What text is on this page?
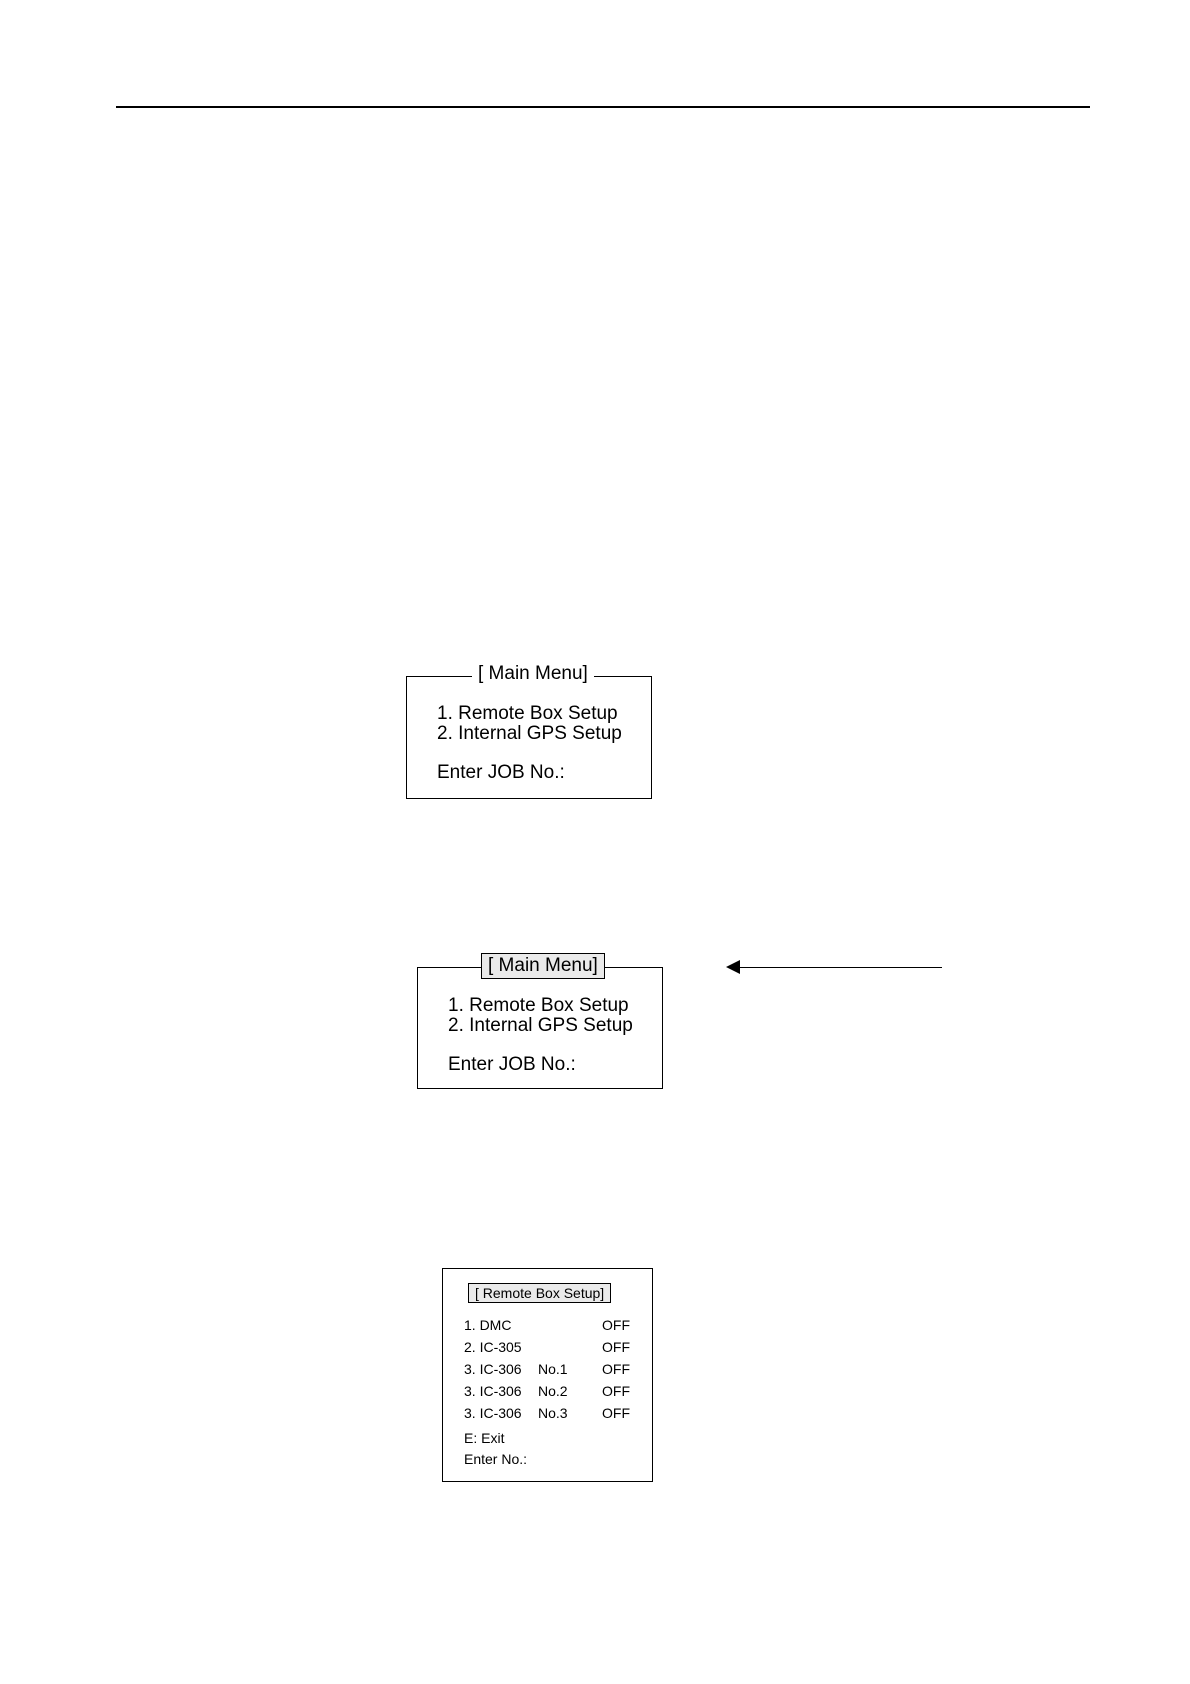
[ Main Menu]
1. Remote Box Setup
2. Internal GPS Setup
Enter JOB No.:
[ Main Menu]
1. Remote Box Setup
2. Internal GPS Setup
Enter JOB No.:
[ Remote Box Setup]
1. DMC	OFF
2. IC-305	OFF
3. IC-306 No.1 OFF
3. IC-306 No.2 OFF
3. IC-306 No.3 OFF
E: Exit
Enter No.:
